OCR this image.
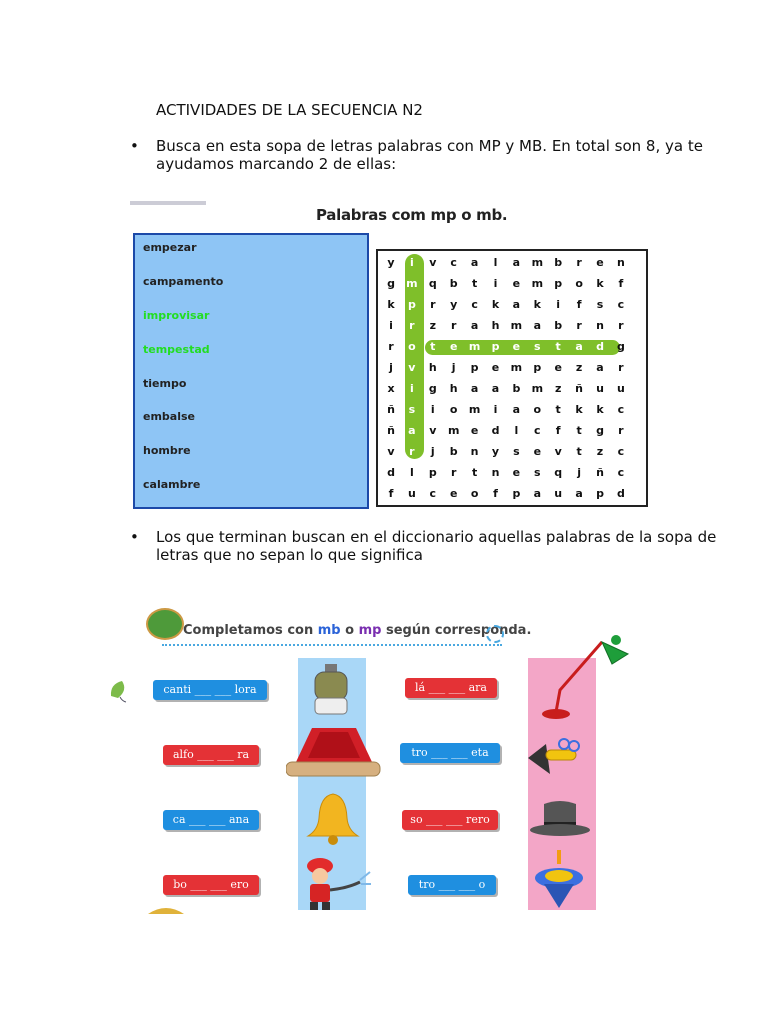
ACTIVIDADES DE LA SECUENCIA N2
• Busca en esta sopa de letras palabras con MP y MB. En total son 8, ya te ayudamos marcando 2 de ellas:
Palabras com mp o mb.
empezar
campamento
improvisar
tempestad
tiempo
embalse
hombre
calambre
y	i	v	c	a	l	a	m	b	r	e	n
g	m	q	b	t	i	e	m	p	o	k	f
k	p	r	y	c	k	a	k	i	f	s	c
i	r	z	r	a	h	m	a	b	r	n	r
r	o	t	e	m	p	e	s	t	a	d	g
j	v	h	j	p	e	m	p	e	z	a	r
x	i	g	h	a	a	b	m	z	ñ	u	u
ñ	s	i	o	m	i	a	o	t	k	k	c
ñ	a	v	m	e	d	l	c	f	t	g	r
v	r	j	b	n	y	s	e	v	t	z	c
d	l	p	r	t	n	e	s	q	j	ñ	c
f	u	c	e	o	f	p	a	u	a	p	d
• Los que terminan buscan en el diccionario aquellas palabras de la sopa de letras que no sepan lo que significa
Completamos con mb o mp según corresponda.
canti ___ ___ lora
alfo ___ ___ ra
ca ___ ___ ana
bo ___ ___ ero
lá ___ ___ ara
tro ___ ___ eta
so ___ ___ rero
tro ___ ___ o
